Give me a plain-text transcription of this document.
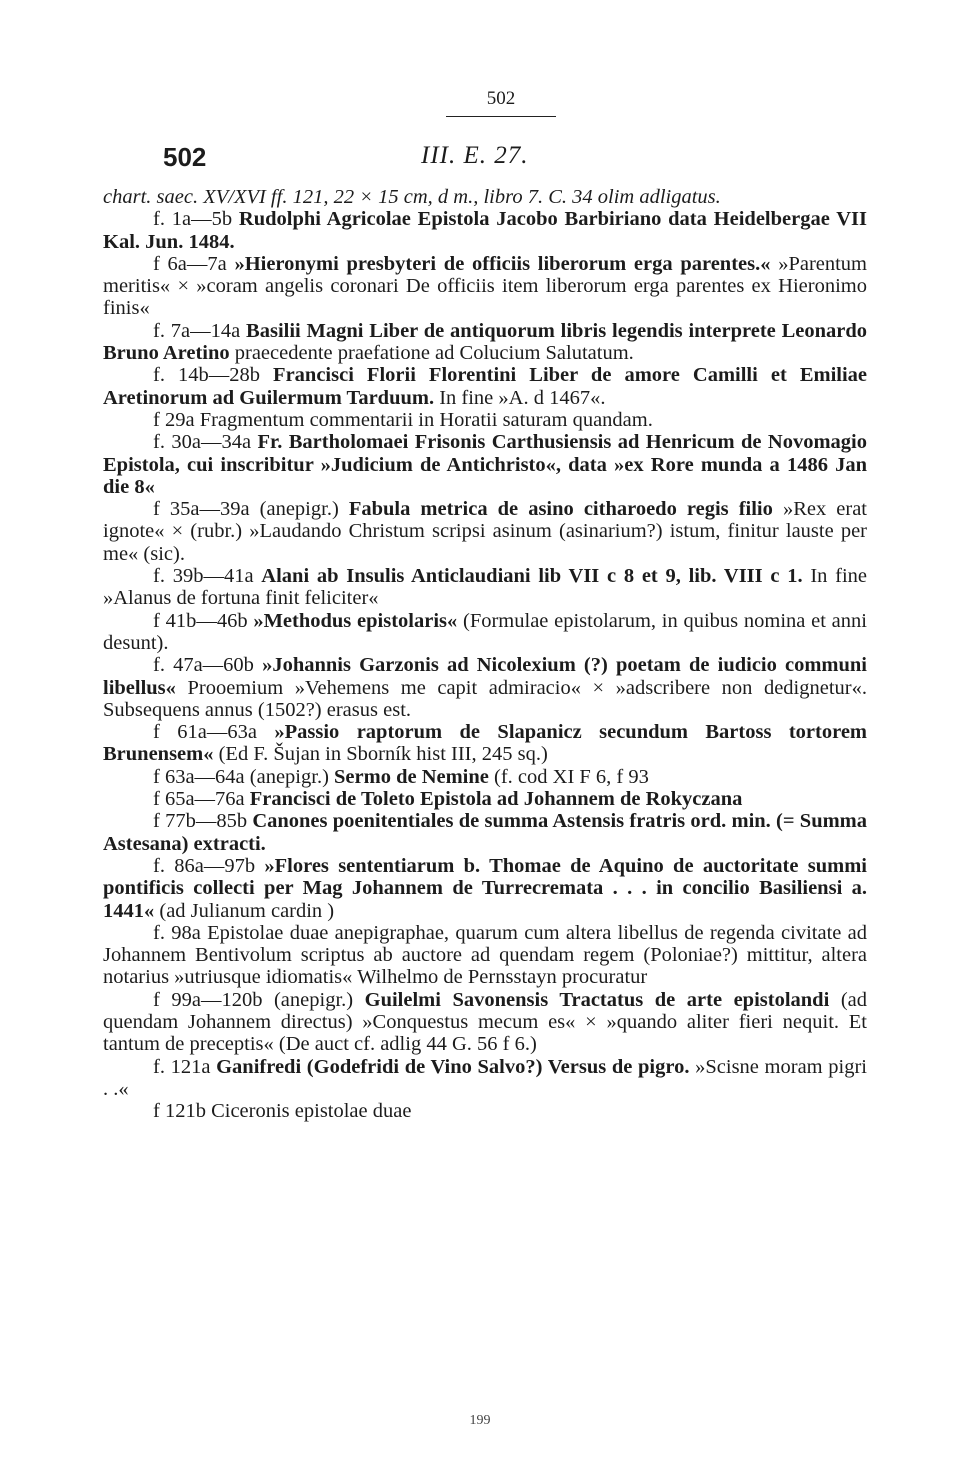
502
502	III. E. 27.

chart. saec. XV/XVI ff. 121, 22 × 15 cm, d m., libro 7. C. 34 olim adligatus.

f. 1a—5b Rudolphi Agricolae Epistola Jacobo Barbiriano data Heidelbergae VII Kal. Jun. 1484.

f 6a—7a »Hieronymi presbyteri de officiis liberorum erga parentes.« »Parentum meritis« × »coram angelis coronari De officiis item liberorum erga parentes ex Hieronimo finis«

f. 7a—14a Basilii Magni Liber de antiquorum libris legendis interprete Leonardo Bruno Aretino praecedente praefatione ad Colucium Salutatum.

f. 14b—28b Francisci Florii Florentini Liber de amore Camilli et Emiliae Aretinorum ad Guilermum Tarduum. In fine »A. d 1467«.

f 29a Fragmentum commentarii in Horatii saturam quandam.

f. 30a—34a Fr. Bartholomaei Frisonis Carthusiensis ad Henricum de Novomagio Epistola, cui inscribitur »Judicium de Antichristo«, data »ex Rore munda a 1486 Jan die 8«

f 35a—39a (anepigr.) Fabula metrica de asino citharoedo regis filio »Rex erat ignote« × (rubr.) »Laudando Christum scripsi asinum (asinarium?) istum, finitur lauste per me« (sic).

f. 39b—41a Alani ab Insulis Anticlaudiani lib VII c 8 et 9, lib. VIII c 1. In fine »Alanus de fortuna finit feliciter«

f 41b—46b »Methodus epistolaris« (Formulae epistolarum, in quibus nomina et anni desunt).

f. 47a—60b »Johannis Garzonis ad Nicolexium (?) poetam de iudicio communi libellus« Prooemium »Vehemens me capit admiracio« × »adscribere non dedignetur«. Subsequens annus (1502?) erasus est.

f 61a—63a »Passio raptorum de Slapanicz secundum Bartoss tortorem Brunensem« (Ed F. Šujan in Sborník hist III, 245 sq.)

f 63a—64a (anepigr.) Sermo de Nemine (f. cod XI F 6, f 93

f 65a—76a Francisci de Toleto Epistola ad Johannem de Rokyczana

f 77b—85b Canones poenitentiales de summa Astensis fratris ord. min. (= Summa Astesana) extracti.

f. 86a—97b »Flores sententiarum b. Thomae de Aquino de auctoritate summi pontificis collecti per Mag Johannem de Turrecremata . . . in concilio Basiliensi a. 1441« (ad Julianum cardin )

f. 98a Epistolae duae anepigraphae, quarum cum altera libellus de regenda civitate ad Johannem Bentivolum scriptus ab auctore ad quendam regem (Poloniae?) mittitur, altera notarius »utriusque idiomatis« Wilhelmo de Pernsstayn procuratur

f 99a—120b (anepigr.) Guilelmi Savonensis Tractatus de arte epistolandi (ad quendam Johannem directus) »Conquestus mecum es« × »quando aliter fieri nequit. Et tantum de preceptis« (De auct cf. adlig 44 G. 56 f 6.)

f. 121a Ganifredi (Godefridi de Vino Salvo?) Versus de pigro. »Scisne moram pigri . .«

f 121b Ciceronis epistolae duae

199
